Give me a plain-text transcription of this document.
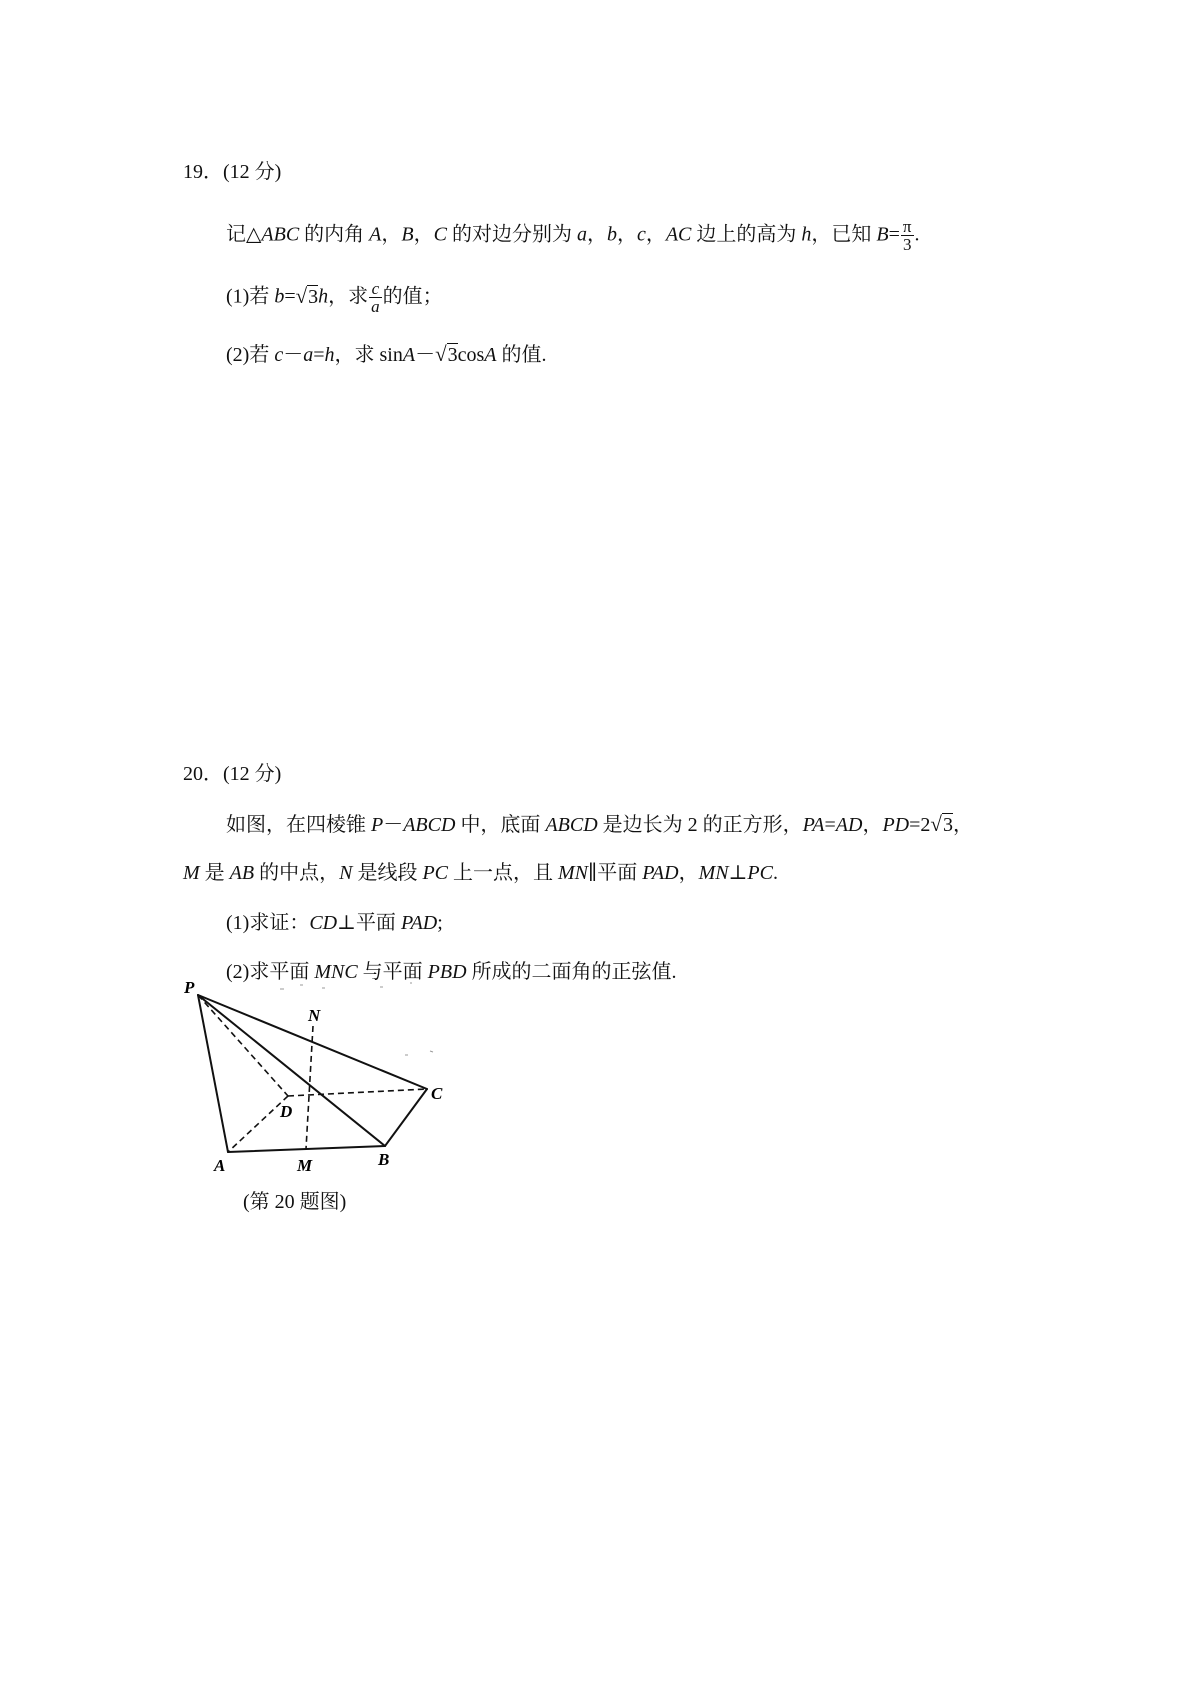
19．(12 分)
记△ABC 的内角 A，B，C 的对边分别为 a，b，c，AC 边上的高为 h，已知 $B= \frac{\pi}{3}$ .
(1)若 b=√3h，求 $\frac{c}{a}$ 的值；
(2)若 c－a=h，求 sinA－√3cosA 的值.
20．(12 分)
如图，在四棱锥 P－ABCD 中，底面 ABCD 是边长为 2 的正方形，PA=AD，PD=2√3，
M 是 AB 的中点，N 是线段 PC 上一点，且 MN∥平面 PAD，MN⊥PC.
(1)求证：CD⊥平面 PAD;
(2)求平面 MNC 与平面 PBD 所成的二面角的正弦值.
P
N
C
D
A	M	B
(第 20 题图)
